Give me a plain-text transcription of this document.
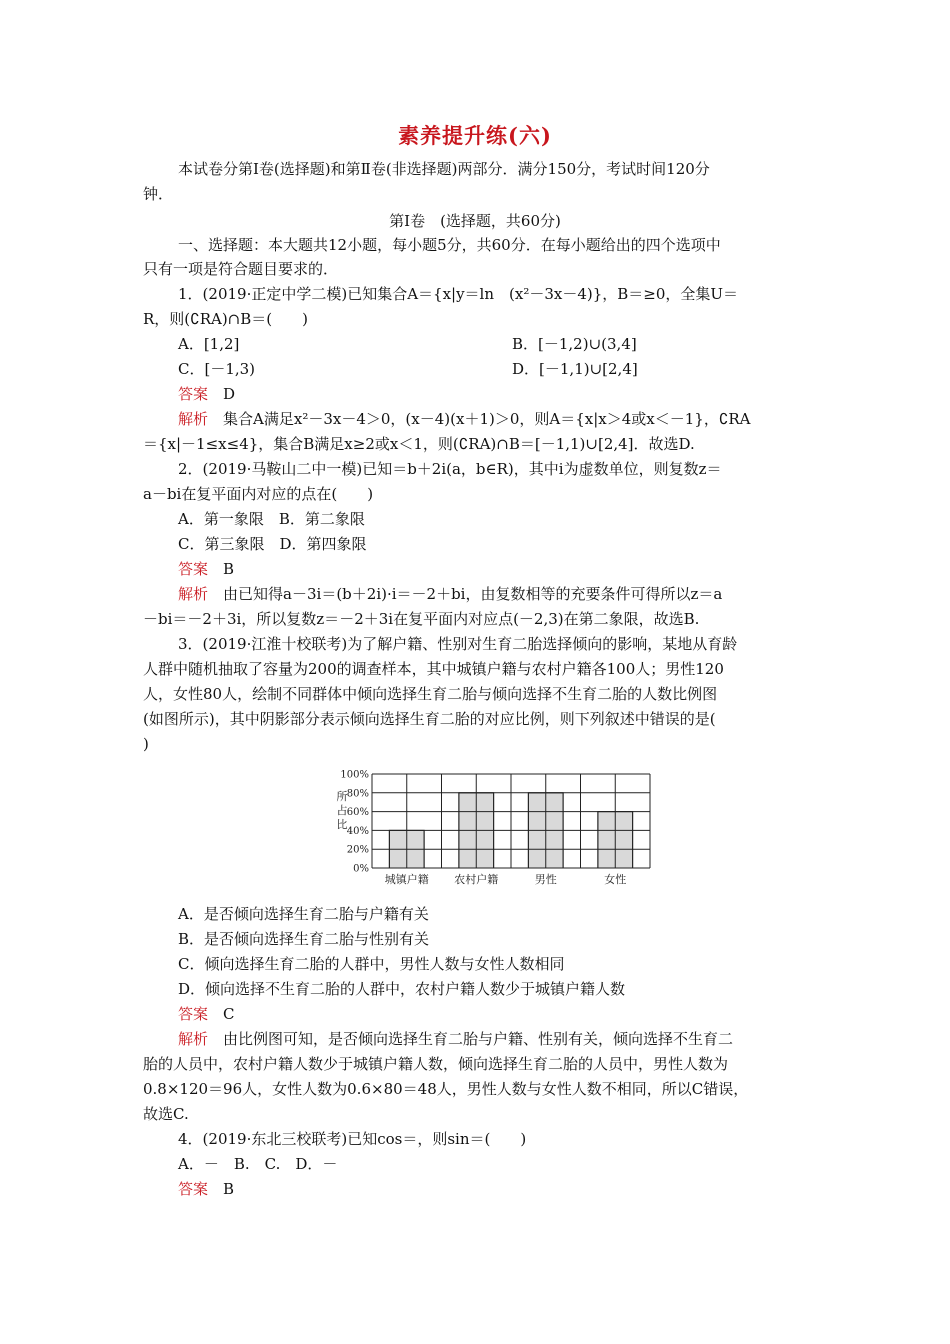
素养提升练(六)
本试卷分第Ⅰ卷(选择题)和第Ⅱ卷(非选择题)两部分．满分150分，考试时间120分
钟．
第Ⅰ卷　(选择题，共60分)
一、选择题：本大题共12小题，每小题5分，共60分．在每小题给出的四个选项中
只有一项是符合题目要求的．
1．(2019·正定中学二模)已知集合A＝{x|y＝ln　(x²－3x－4)}，B＝≥0，全集U＝
R，则(∁RA)∩B＝(　　)
A．[1,2]	B．[－1,2)∪(3,4]
C．[－1,3)	D．[－1,1)∪[2,4]
答案　 D
解析　 集合A满足x²－3x－4＞0，(x－4)(x＋1)＞0，则A＝{x|x＞4或x＜－1}，∁RA
＝{x|－1≤x≤4}，集合B满足x≥2或x＜1，则(∁RA)∩B＝[－1,1)∪[2,4]．故选D.
2．(2019·马鞍山二中一模)已知＝b＋2i(a，b∈R)，其中i为虚数单位，则复数z＝
a－bi在复平面内对应的点在(　　)
A．第一象限　B．第二象限
C．第三象限　D．第四象限
答案　 B
解析　 由已知得a－3i＝(b＋2i)·i＝－2＋bi，由复数相等的充要条件可得所以z＝a
－bi＝－2＋3i，所以复数z＝－2＋3i在复平面内对应点(－2,3)在第二象限，故选B.
3．(2019·江淮十校联考)为了解户籍、性别对生育二胎选择倾向的影响，某地从育龄
人群中随机抽取了容量为200的调查样本，其中城镇户籍与农村户籍各100人；男性120
人，女性80人，绘制不同群体中倾向选择生育二胎与倾向选择不生育二胎的人数比例图
(如图所示)，其中阴影部分表示倾向选择生育二胎的对应比例，则下列叙述中错误的是(
)
100%
80%
60%
40%
20%
0%
城镇户籍 农村户籍	男性	女性
所
占
比
A．是否倾向选择生育二胎与户籍有关
B．是否倾向选择生育二胎与性别有关
C．倾向选择生育二胎的人群中，男性人数与女性人数相同
D．倾向选择不生育二胎的人群中，农村户籍人数少于城镇户籍人数
答案　 C
解析　 由比例图可知，是否倾向选择生育二胎与户籍、性别有关，倾向选择不生育二
胎的人员中，农村户籍人数少于城镇户籍人数，倾向选择生育二胎的人员中，男性人数为
0.8×120＝96人，女性人数为0.6×80＝48人，男性人数与女性人数不相同，所以C错误，
故选C.
4．(2019·东北三校联考)已知cos＝，则sin＝(　　)
A．－　B.　C.　D．－
答案　 B
